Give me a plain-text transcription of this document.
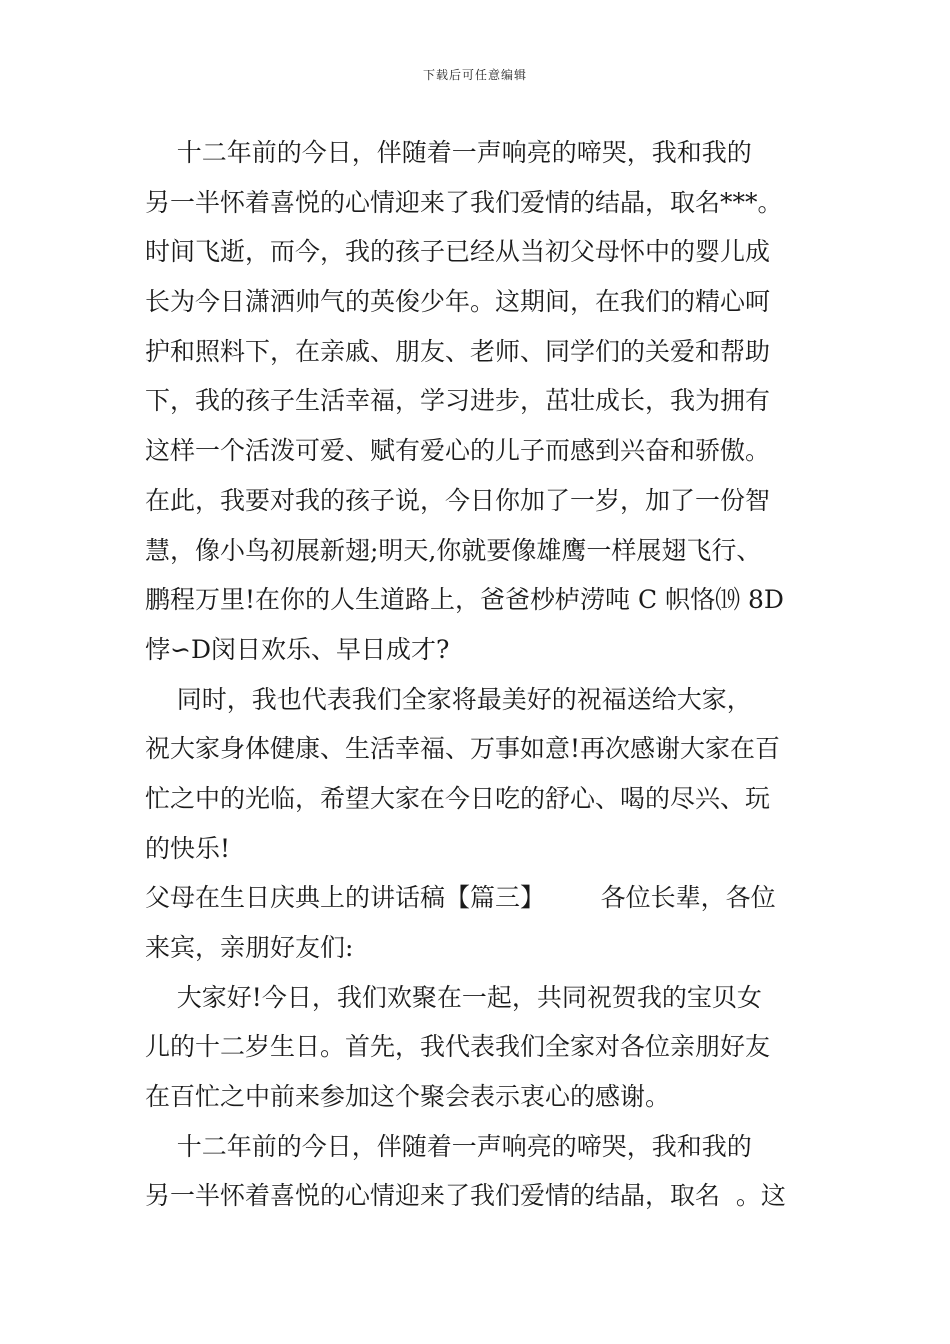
下载后可任意编辑
十二年前的今日，伴随着一声响亮的啼哭，我和我的
另一半怀着喜悦的心情迎来了我们爱情的结晶，取名***。
时间飞逝，而今，我的孩子已经从当初父母怀中的婴儿成
长为今日潇洒帅气的英俊少年。这期间，在我们的精心呵
护和照料下，在亲戚、朋友、老师、同学们的关爱和帮助
下，我的孩子生活幸福，学习进步，茁壮成长，我为拥有
这样一个活泼可爱、赋有爱心的儿子而感到兴奋和骄傲。
在此，我要对我的孩子说，今日你加了一岁，加了一份智
慧，像小鸟初展新翅;明天,你就要像雄鹰一样展翅飞行、
鹏程万里!在你的人生道路上，爸爸杪栌涝吨 C 帜恪⒆ 8D
悖∽D闵日欢乐、早日成才?
同时，我也代表我们全家将最美好的祝福送给大家，
祝大家身体健康、生活幸福、万事如意!再次感谢大家在百
忙之中的光临，希望大家在今日吃的舒心、喝的尽兴、玩
的快乐!
父母在生日庆典上的讲话稿【篇三】       各位长辈，各位
来宾，亲朋好友们:
大家好!今日，我们欢聚在一起，共同祝贺我的宝贝女
儿的十二岁生日。首先，我代表我们全家对各位亲朋好友
在百忙之中前来参加这个聚会表示衷心的感谢。
十二年前的今日，伴随着一声响亮的啼哭，我和我的
另一半怀着喜悦的心情迎来了我们爱情的结晶，取名  。这
